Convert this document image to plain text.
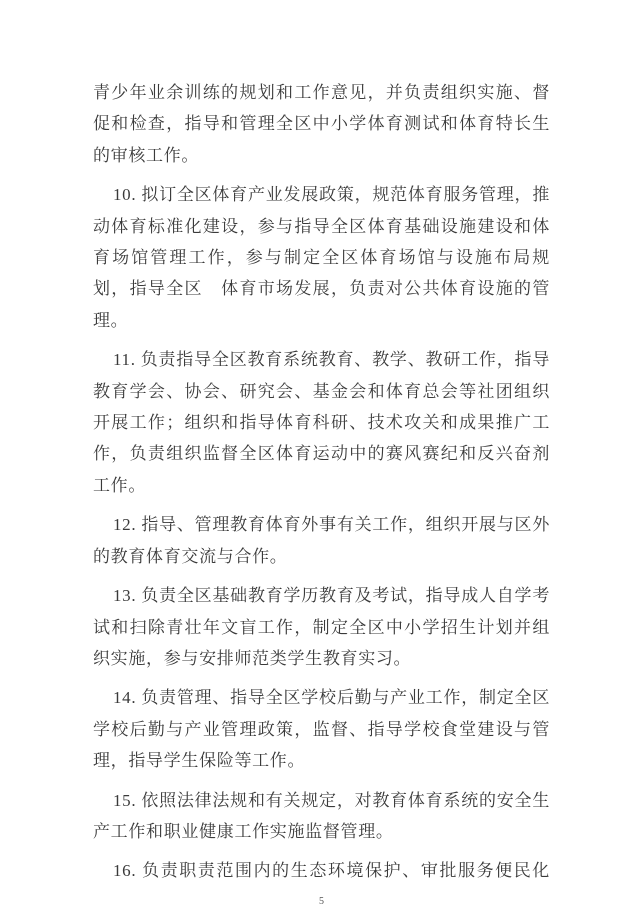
青少年业余训练的规划和工作意见，并负责组织实施、督促和检查，指导和管理全区中小学体育测试和体育特长生的审核工作。

10. 拟订全区体育产业发展政策，规范体育服务管理，推动体育标准化建设，参与指导全区体育基础设施建设和体育场馆管理工作，参与制定全区体育场馆与设施布局规划，指导全区　体育市场发展，负责对公共体育设施的管理。

11. 负责指导全区教育系统教育、教学、教研工作，指导教育学会、协会、研究会、基金会和体育总会等社团组织开展工作；组织和指导体育科研、技术攻关和成果推广工作，负责组织监督全区体育运动中的赛风赛纪和反兴奋剂工作。

12. 指导、管理教育体育外事有关工作，组织开展与区外的教育体育交流与合作。

13. 负责全区基础教育学历教育及考试，指导成人自学考试和扫除青壮年文盲工作，制定全区中小学招生计划并组织实施，参与安排师范类学生教育实习。

14. 负责管理、指导全区学校后勤与产业工作，制定全区学校后勤与产业管理政策，监督、指导学校食堂建设与管理，指导学生保险等工作。

15. 依照法律法规和有关规定，对教育体育系统的安全生产工作和职业健康工作实施监督管理。

16. 负责职责范围内的生态环境保护、审批服务便民化

5
